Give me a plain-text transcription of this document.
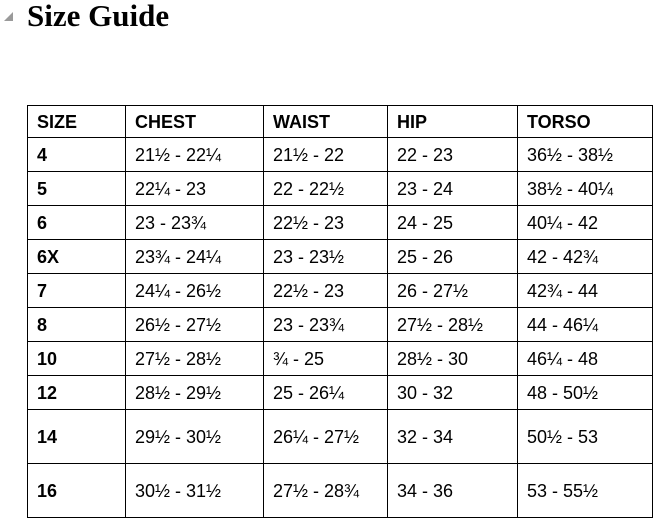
Size Guide
SIZE	CHEST	WAIST	HIP	TORSO
4	21½ - 22¼	21½ - 22	22 - 23	36½ - 38½
5	22¼ - 23	22 - 22½	23 - 24	38½ - 40¼
6	23 - 23¾	22½ - 23	24 - 25	40¼ - 42
6X	23¾ - 24¼	23 - 23½	25 - 26	42 - 42¾
7	24¼ - 26½	22½ - 23	26 - 27½	42¾ - 44
8	26½ - 27½	23 - 23¾	27½ - 28½	44 - 46¼
10	27½ - 28½	¾ - 25	28½ - 30	46¼ - 48
12	28½ - 29½	25 - 26¼	30 - 32	48 - 50½
14	29½ - 30½	26¼ - 27½	32 - 34	50½ - 53
16	30½ - 31½	27½ - 28¾	34 - 36	53 - 55½
